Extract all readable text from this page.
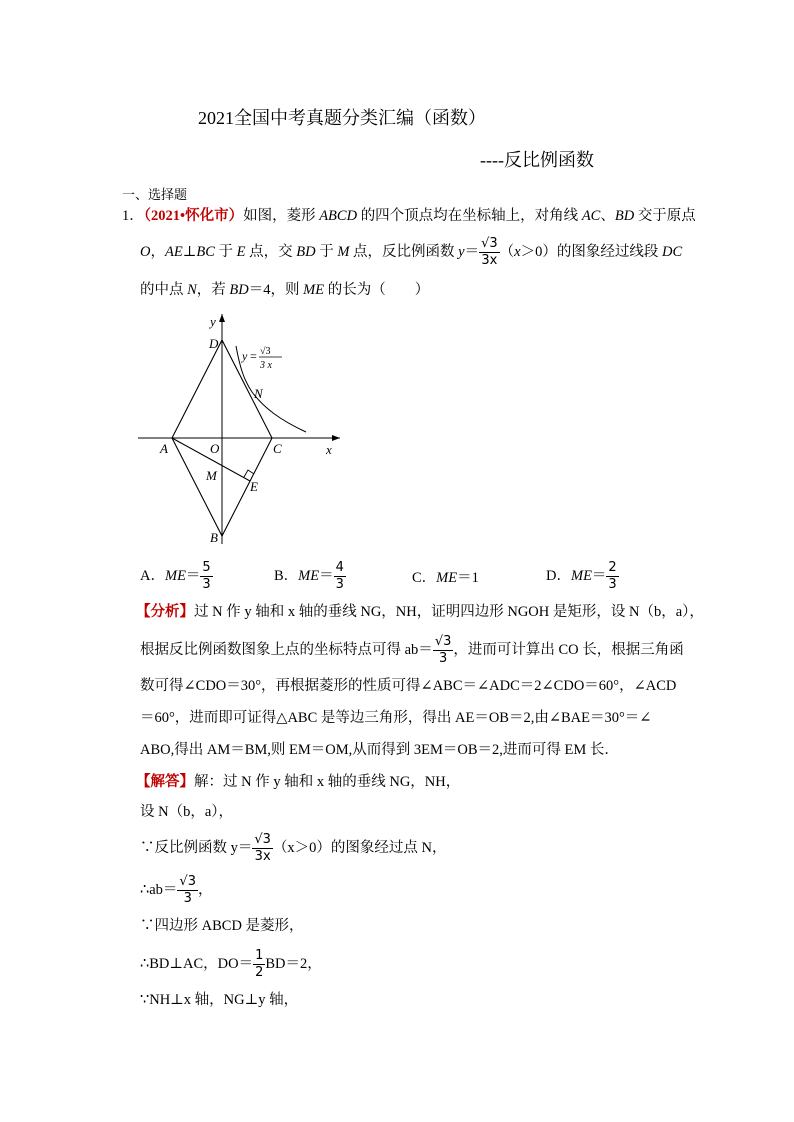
2021全国中考真题分类汇编（函数）
----反比例函数
一、选择题
1．（2021•怀化市）如图，菱形 ABCD 的四个顶点均在坐标轴上，对角线 AC、BD 交于原点
O，AE⊥BC 于 E 点，交 BD 于 M 点，反比例函数 $y= \frac{√3}{3x} (x>0)$的图象经过线段 DC
的中点 N，若 BD＝4，则 ME 的长为（　　）
y
x
D
N
A	O	C
M
E
B
y = √3
3 x
A．$ME= \frac{5}{3}$	B．$ME= \frac{4}{3}$	C．ME＝1	D．$ME= \frac{2}{3}$
【分析】过 N 作 y 轴和 x 轴的垂线 NG，NH，证明四边形 NGOH 是矩形，设 N（b，a），
根据反比例函数图象上点的坐标特点可得 $ab= \frac{√3}{3}$ ，进而可计算出 CO 长，根据三角函
数可得∠CDO＝30°，再根据菱形的性质可得∠ABC＝∠ADC＝2∠CDO＝60°，∠ACD
＝60°，进而即可证得△ABC 是等边三角形，得出 AE＝OB＝2,由∠BAE＝30°＝∠
ABO,得出 AM＝BM,则 EM＝OM,从而得到 3EM＝OB＝2,进而可得 EM 长．
【解答】解：过 N 作 y 轴和 x 轴的垂线 NG，NH，
设 N（b，a），
∵反比例函数 $y= \frac{√3}{3x} (x>0)$的图象经过点 N，
∴ab＝ $\frac{√3}{3}$ ，
∵四边形 ABCD 是菱形，
∴BD⊥AC，$DO= \frac{1}{2} BD=2$，
∵NH⊥x 轴，NG⊥y 轴，
